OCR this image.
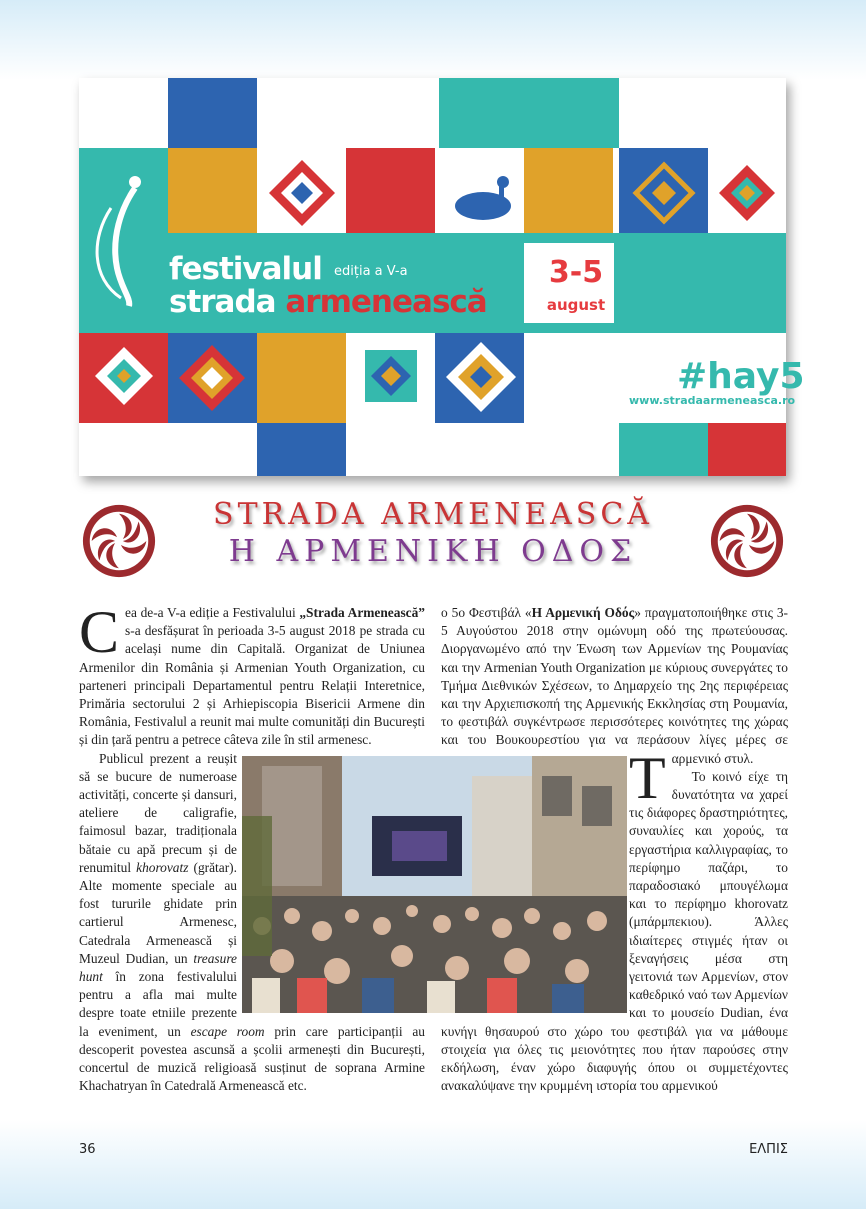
festivalul ediția a V-a
strada armenească
3-5
august
#hay5
www.stradaarmeneasca.ro
STRADA ARMENEASCĂ
Η ΑΡΜΕΝΙΚΗ ΟΔΟΣ

Cea de-a V-a ediție a Festivalului „Strada Armenească” s-a desfășurat în perioada 3-5 august 2018 pe strada cu același nume din Capitală. Organizat de Uniunea Armenilor din România și Armenian Youth Organization, cu parteneri principali Departamentul pentru Relații Interetnice, Primăria sectorului 2 și Arhiepiscopia Bisericii Armene din România, Festivalul a reunit mai multe comunități din București și din țară pentru a petrece câteva zile în stil armenesc.

Publicul prezent a reușit să se bucure de numeroase activități, concerte și dansuri, ateliere de caligrafie, faimosul bazar, tradiționala bătaie cu apă precum și de renumitul khorovatz (grătar). Alte momente speciale au fost tururile ghidate prin cartierul Armenesc, Catedrala Armenească și Muzeul Dudian, un treasure hunt în zona festivalului pentru a afla mai multe despre toate etniile prezente la eveniment, un escape room prin care participanții au descoperit povestea ascunsă a școlii armenești din București, concertul de muzică religioasă susținut de soprana Armine Khachatryan în Catedrală Armenească etc.

Τ
ο 5ο Φεστιβάλ «Η Αρμενική Οδός» πραγματοποιήθηκε στις 3-5 Αυγούστου 2018 στην ομώνυμη οδό της πρωτεύουσας. Διοργανωμένο από την Ένωση των Αρμενίων της Ρουμανίας και την Armenian Youth Organization με κύριους συνεργάτες το Τμήμα Διεθνικών Σχέσεων, το Δημαρχείο της 2ης περιφέρειας και την Αρχιεπισκοπή της Αρμενικής Εκκλησίας στη Ρουμανία, το φεστιβάλ συγκέντρωσε περισσότερες κοινότητες της χώρας και του Βουκουρεστίου για να περάσουν λίγες μέρες σε αρμενικό στυλ.

Το κοινό είχε τη δυνατότητα να χαρεί τις διάφορες δραστηριότητες, συναυλίες και χορούς, τα εργαστήρια καλλιγραφίας, το περίφημο παζάρι, το παραδοσιακό μπουγέλωμα και το περίφημο khorovatz (μπάρμπεκιου). Άλλες ιδιαίτερες στιγμές ήταν οι ξεναγήσεις μέσα στη γειτονιά των Αρμενίων, στον καθεδρικό ναό των Αρμενίων και το μουσείο Dudian, ένα κυνήγι θησαυρού στο χώρο του φεστιβάλ για να μάθουμε στοιχεία για όλες τις μειονότητες που ήταν παρούσες στην εκδήλωση, έναν χώρο διαφυγής όπου οι συμμετέχοντες ανακαλύψανε την κρυμμένη ιστορία του αρμενικού

36	ΕΛΠΙΣ
